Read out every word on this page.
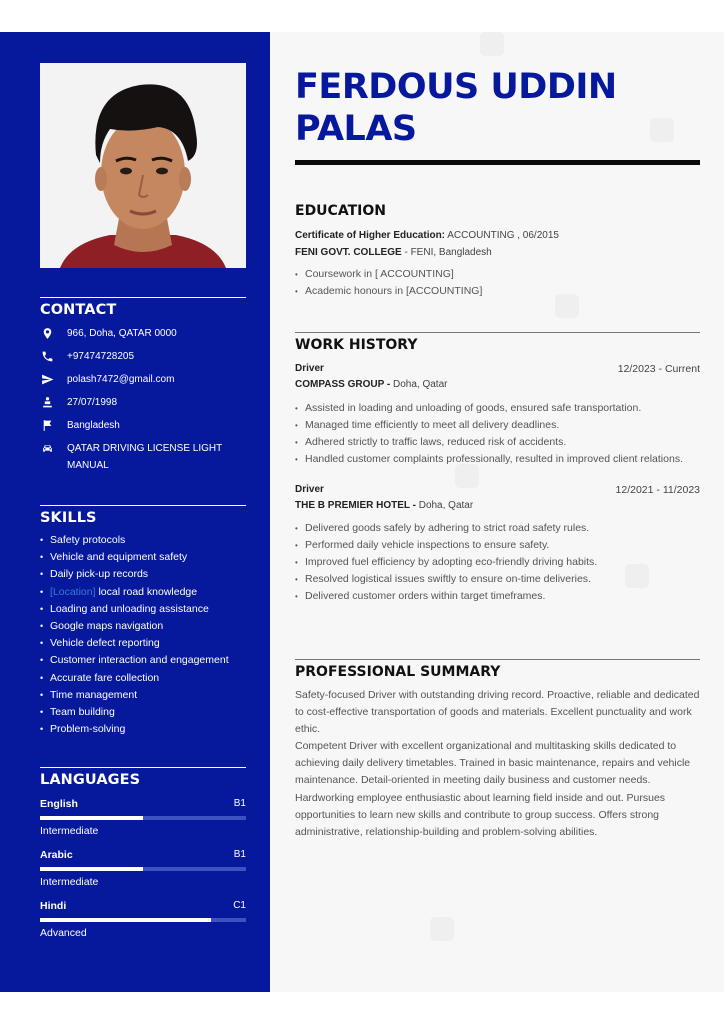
CONTACT
966, Doha, QATAR 0000
+97474728205
polash7472@gmail.com
27/07/1998
Bangladesh
QATAR DRIVING LICENSE LIGHT MANUAL
SKILLS
• Safety protocols
• Vehicle and equipment safety
• Daily pick-up records
• [Location] local road knowledge
• Loading and unloading assistance
• Google maps navigation
• Vehicle defect reporting
• Customer interaction and engagement
• Accurate fare collection
• Time management
• Team building
• Problem-solving
LANGUAGES
English	B1
Intermediate
Arabic	B1
Intermediate
Hindi	C1
Advanced
FERDOUS UDDIN
PALAS
EDUCATION
Certificate of Higher Education: ACCOUNTING , 06/2015
FENI GOVT. COLLEGE - FENI, Bangladesh
• Coursework in [ ACCOUNTING]
• Academic honours in [ACCOUNTING]
WORK HISTORY
Driver	12/2023 - Current
COMPASS GROUP - Doha, Qatar
• Assisted in loading and unloading of goods, ensured safe transportation.
• Managed time efficiently to meet all delivery deadlines.
• Adhered strictly to traffic laws, reduced risk of accidents.
• Handled customer complaints professionally, resulted in improved client relations.
Driver	12/2021 - 11/2023
THE B PREMIER HOTEL - Doha, Qatar
• Delivered goods safely by adhering to strict road safety rules.
• Performed daily vehicle inspections to ensure safety.
• Improved fuel efficiency by adopting eco-friendly driving habits.
• Resolved logistical issues swiftly to ensure on-time deliveries.
• Delivered customer orders within target timeframes.
PROFESSIONAL SUMMARY

Safety-focused Driver with outstanding driving record. Proactive, reliable and dedicated to cost-effective transportation of goods and materials. Excellent punctuality and work ethic.

Competent Driver with excellent organizational and multitasking skills dedicated to achieving daily delivery timetables. Trained in basic maintenance, repairs and vehicle maintenance. Detail-oriented in meeting daily business and customer needs.

Hardworking employee enthusiastic about learning field inside and out. Pursues opportunities to learn new skills and contribute to group success. Offers strong administrative, relationship-building and problem-solving abilities.
